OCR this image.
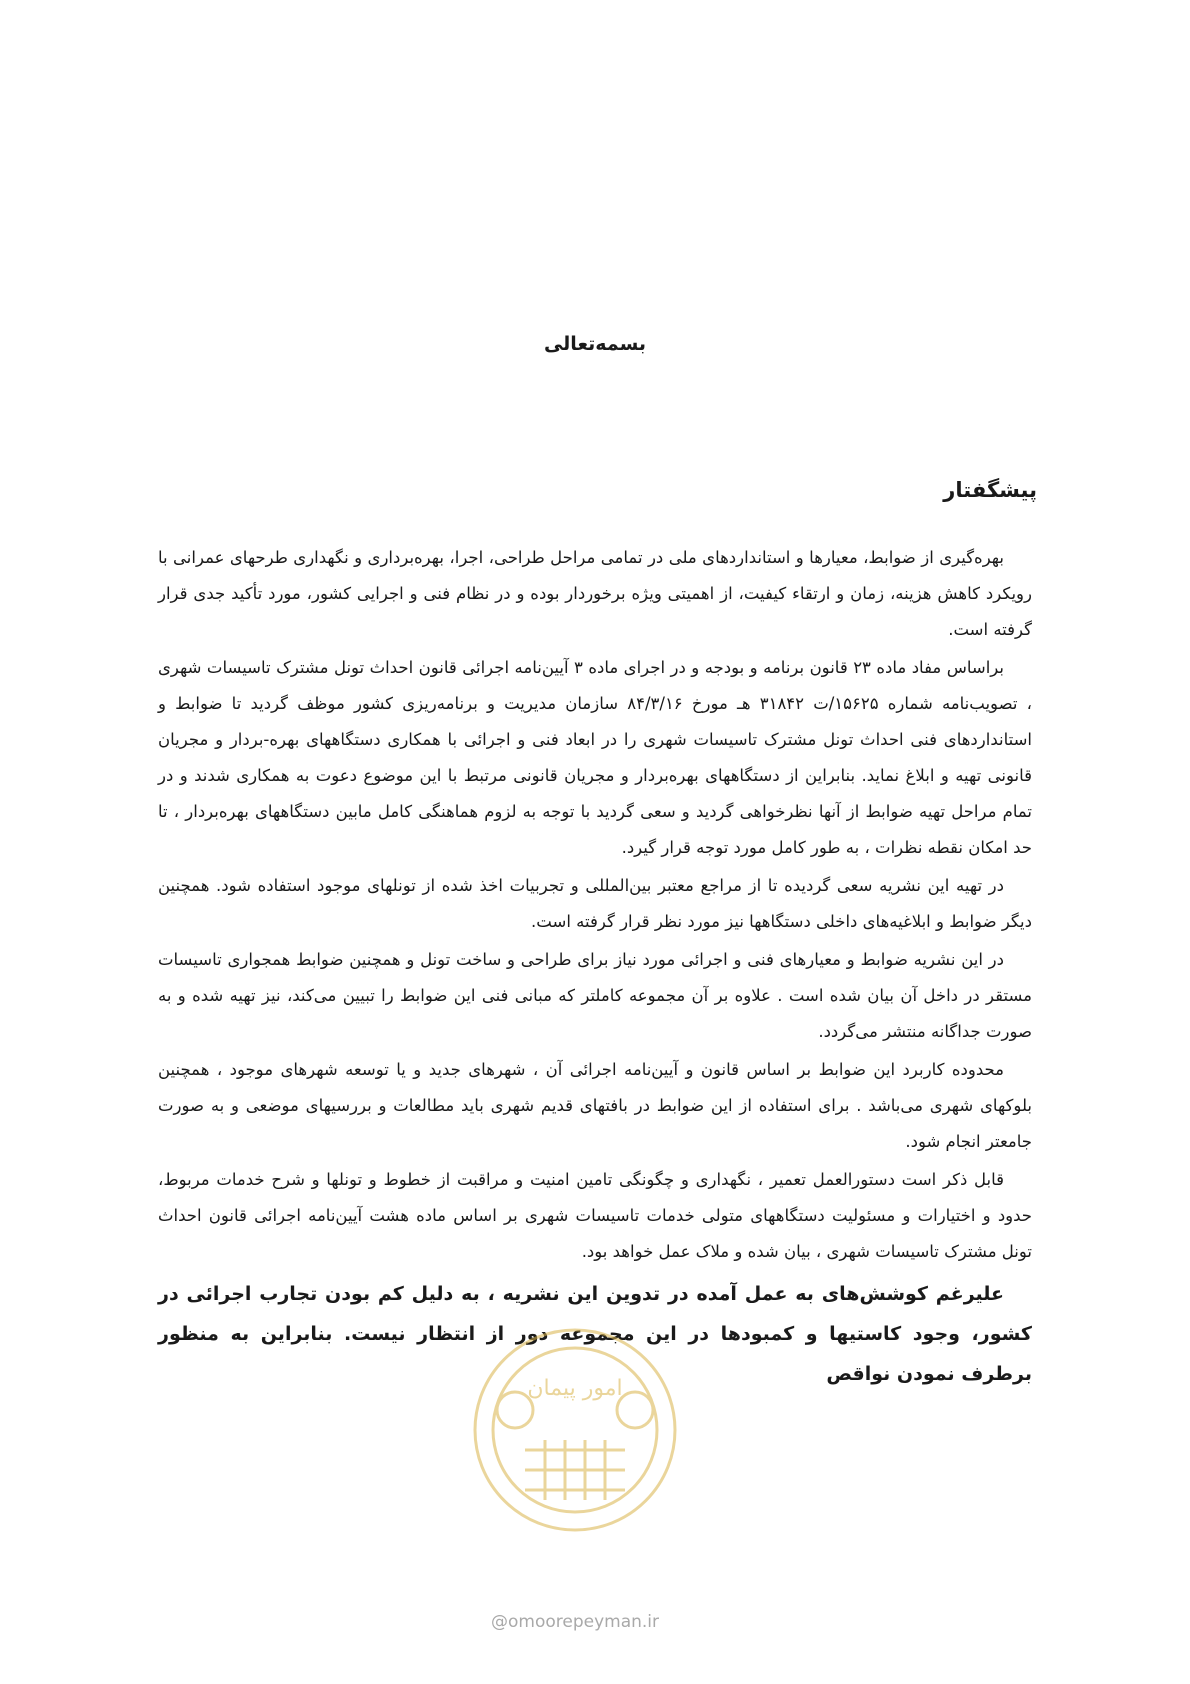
بسمه‌تعالی
پیشگفتار

بهره‌گیری از ضوابط، معیارها و استانداردهای ملی در تمامی مراحل طراحی، اجرا، بهره‌برداری و نگهداری طرحهای عمرانی با رویکرد کاهش هزینه، زمان و ارتقاء کیفیت، از اهمیتی ویژه برخوردار بوده و در نظام فنی و اجرایی کشور، مورد تأکید جدی قرار گرفته است.

براساس مفاد ماده ۲۳ قانون برنامه و بودجه و در اجرای ماده ۳ آیین‌نامه اجرائی قانون احداث تونل مشترک تاسیسات شهری ، تصویب‌نامه شماره ۱۵۶۲۵/ت ۳۱۸۴۲ هـ مورخ ۸۴/۳/۱۶ سازمان مدیریت و برنامه‌ریزی کشور موظف گردید تا ضوابط و استانداردهای فنی احداث تونل مشترک تاسیسات شهری را در ابعاد فنی و اجرائی با همکاری دستگاههای بهره-بردار و مجریان قانونی تهیه و ابلاغ نماید. بنابراین از دستگاههای بهره‌بردار و مجریان قانونی مرتبط با این موضوع دعوت به همکاری شدند و در تمام مراحل تهیه ضوابط از آنها نظرخواهی گردید و سعی گردید با توجه به لزوم هماهنگی کامل مابین دستگاههای بهره‌بردار ، تا حد امکان نقطه نظرات ، به طور کامل مورد توجه قرار گیرد.

در تهیه این نشریه سعی گردیده تا از مراجع معتبر بین‌المللی و تجربیات اخذ شده از تونلهای موجود استفاده شود. همچنین دیگر ضوابط و ابلاغیه‌های داخلی دستگاهها نیز مورد نظر قرار گرفته است.

در این نشریه ضوابط و معیارهای فنی و اجرائی مورد نیاز برای طراحی و ساخت تونل و همچنین ضوابط همجواری تاسیسات مستقر در داخل آن بیان شده است . علاوه بر آن مجموعه کاملتر که مبانی فنی این ضوابط را تبیین می‌کند، نیز تهیه شده و به صورت جداگانه منتشر می‌گردد.

محدوده کاربرد این ضوابط بر اساس قانون و آیین‌نامه اجرائی آن ، شهرهای جدید و یا توسعه شهرهای موجود ، همچنین بلوکهای شهری می‌باشد . برای استفاده از این ضوابط در بافتهای قدیم شهری باید مطالعات و بررسیهای موضعی و به صورت جامعتر انجام شود.

قابل ذکر است دستورالعمل تعمیر ، نگهداری و چگونگی تامین امنیت و مراقبت از خطوط و تونلها و شرح خدمات مربوط، حدود و اختیارات و مسئولیت دستگاههای متولی خدمات تاسیسات شهری بر اساس ماده هشت آیین‌نامه اجرائی قانون احداث تونل مشترک تاسیسات شهری ، بیان شده و ملاک عمل خواهد بود.

علیرغم کوشش‌های به عمل آمده در تدوین این نشریه ، به دلیل کم بودن تجارب اجرائی در کشور، وجود کاستیها و کمبودها در این مجموعه دور از انتظار نیست. بنابراین به منظور برطرف نمودن نواقص

امور پیمان
@omoorepeyman.ir
